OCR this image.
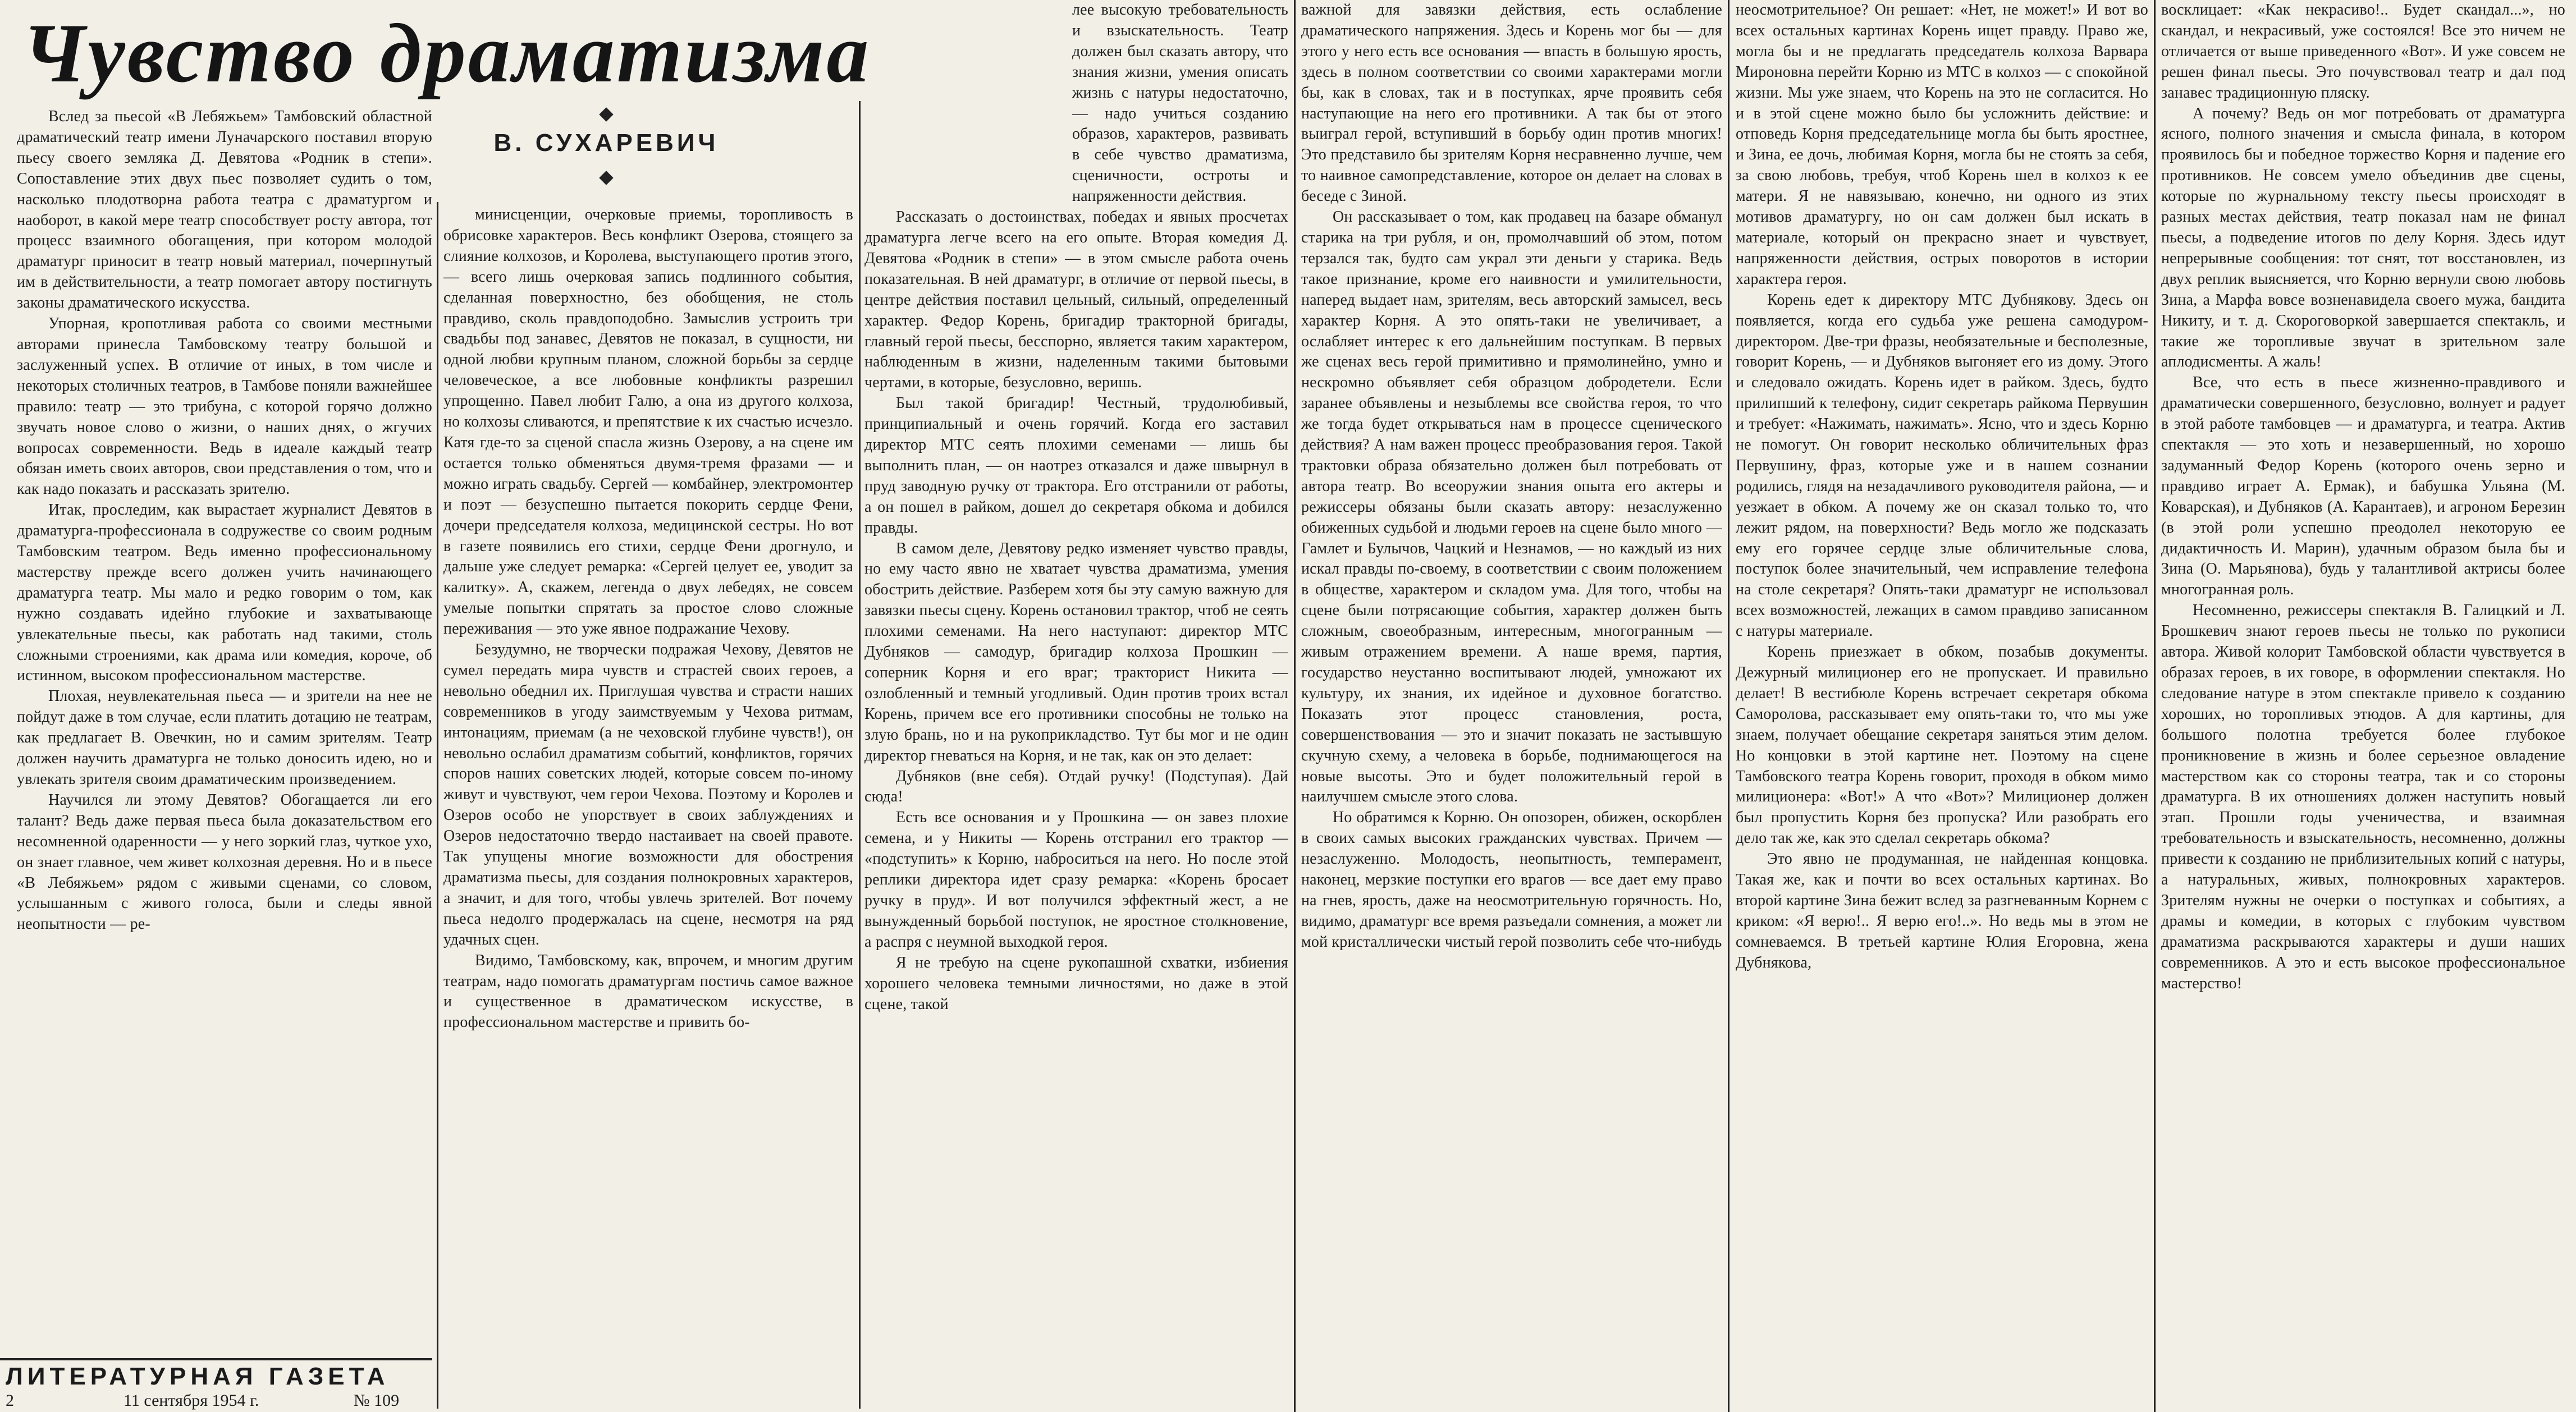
Чувство драматизма
В. СУХАРЕВИЧ

Вслед за пьесой «В Лебяжьем» Тамбовский областной драматический театр имени Луначарского поставил вторую пьесу своего земляка Д. Девятова «Родник в степи». Сопоставление этих двух пьес позволяет судить о том, насколько плодотворна работа театра с драматургом и наоборот, в какой мере театр способствует росту автора, тот процесс взаимного обогащения, при котором молодой драматург приносит в театр новый материал, почерпнутый им в действительности, а театр помогает автору постигнуть законы драматического искусства.

Упорная, кропотливая работа со своими местными авторами принесла Тамбовскому театру большой и заслуженный успех. В отличие от иных, в том числе и некоторых столичных театров, в Тамбове поняли важнейшее правило: театр — это трибуна, с которой горячо должно звучать новое слово о жизни, о наших днях, о жгучих вопросах современности. Ведь в идеале каждый театр обязан иметь своих авторов, свои представления о том, что и как надо показать и рассказать зрителю.

Итак, проследим, как вырастает журналист Девятов в драматурга-профессионала в содружестве со своим родным Тамбовским театром. Ведь именно профессиональному мастерству прежде всего должен учить начинающего драматурга театр. Мы мало и редко говорим о том, как нужно создавать идейно глубокие и захватывающе увлекательные пьесы, как работать над такими, столь сложными строениями, как драма или комедия, короче, об истинном, высоком профессиональном мастерстве.

Плохая, неувлекательная пьеса — и зрители на нее не пойдут даже в том случае, если платить дотацию не театрам, как предлагает В. Овечкин, но и самим зрителям. Театр должен научить драматурга не только доносить идею, но и увлекать зрителя своим драматическим произведением.

Научился ли этому Девятов? Обогащается ли его талант? Ведь даже первая пьеса была доказательством его несомненной одаренности — у него зоркий глаз, чуткое ухо, он знает главное, чем живет колхозная деревня. Но и в пьесе «В Лебяжьем» рядом с живыми сценами, со словом, услышанным с живого голоса, были и следы явной неопытности — ре-

минисценции, очерковые приемы, торопливость в обрисовке характеров. Весь конфликт Озерова, стоящего за слияние колхозов, и Королева, выступающего против этого, — всего лишь очерковая запись подлинного события, сделанная поверхностно, без обобщения, не столь правдиво, сколь правдоподобно. Замыслив устроить три свадьбы под занавес, Девятов не показал, в сущности, ни одной любви крупным планом, сложной борьбы за сердце человеческое, а все любовные конфликты разрешил упрощенно. Павел любит Галю, а она из другого колхоза, но колхозы сливаются, и препятствие к их счастью исчезло. Катя где-то за сценой спасла жизнь Озерову, а на сцене им остается только обменяться двумя-тремя фразами — и можно играть свадьбу. Сергей — комбайнер, электромонтер и поэт — безуспешно пытается покорить сердце Фени, дочери председателя колхоза, медицинской сестры. Но вот в газете появились его стихи, сердце Фени дрогнуло, и дальше уже следует ремарка: «Сергей целует ее, уводит за калитку». А, скажем, легенда о двух лебедях, не совсем умелые попытки спрятать за простое слово сложные переживания — это уже явное подражание Чехову.

Безудумно, не творчески подражая Чехову, Девятов не сумел передать мира чувств и страстей своих героев, а невольно обеднил их. Приглушая чувства и страсти наших современников в угоду заимствуемым у Чехова ритмам, интонациям, приемам (а не чеховской глубине чувств!), он невольно ослабил драматизм событий, конфликтов, горячих споров наших советских людей, которые совсем по-иному живут и чувствуют, чем герои Чехова. Поэтому и Королев и Озеров особо не упорствует в своих заблуждениях и Озеров недостаточно твердо настаивает на своей правоте. Так упущены многие возможности для обострения драматизма пьесы, для создания полнокровных характеров, а значит, и для того, чтобы увлечь зрителей. Вот почему пьеса недолго продержалась на сцене, несмотря на ряд удачных сцен.

Видимо, Тамбовскому, как, впрочем, и многим другим театрам, надо помогать драматургам постичь самое важное и существенное в драматическом искусстве, в профессиональном мастерстве и привить бо-

лее высокую требовательность и взыскательность. Театр должен был сказать автору, что знания жизни, умения описать жизнь с натуры недостаточно, — надо учиться созданию образов, характеров, развивать в себе чувство драматизма, сценичности, остроты и напряженности действия.

Рассказать о достоинствах, победах и явных просчетах драматурга легче всего на его опыте. Вторая комедия Д. Девятова «Родник в степи» — в этом смысле работа очень показательная. В ней драматург, в отличие от первой пьесы, в центре действия поставил цельный, сильный, определенный характер. Федор Корень, бригадир тракторной бригады, главный герой пьесы, бесспорно, является таким характером, наблюденным в жизни, наделенным такими бытовыми чертами, в которые, безусловно, веришь.

Был такой бригадир! Честный, трудолюбивый, принципиальный и очень горячий. Когда его заставил директор МТС сеять плохими семенами — лишь бы выполнить план, — он наотрез отказался и даже швырнул в пруд заводную ручку от трактора. Его отстранили от работы, а он пошел в райком, дошел до секретаря обкома и добился правды.

В самом деле, Девятову редко изменяет чувство правды, но ему часто явно не хватает чувства драматизма, умения обострить действие. Разберем хотя бы эту самую важную для завязки пьесы сцену. Корень остановил трактор, чтоб не сеять плохими семенами. На него наступают: директор МТС Дубняков — самодур, бригадир колхоза Прошкин — соперник Корня и его враг; тракторист Никита — озлобленный и темный угодливый. Один против троих встал Корень, причем все его противники способны не только на злую брань, но и на рукоприкладство. Тут бы мог и не один директор гневаться на Корня, и не так, как он это делает:

Дубняков (вне себя). Отдай ручку! (Подступая). Дай сюда!

Есть все основания и у Прошкина — он завез плохие семена, и у Никиты — Корень отстранил его трактор — «подступить» к Корню, наброситься на него. Но после этой реплики директора идет сразу ремарка: «Корень бросает ручку в пруд». И вот получился эффектный жест, а не вынужденный борьбой поступок, не яростное столкновение, а распря с неумной выходкой героя.

Я не требую на сцене рукопашной схватки, избиения хорошего человека темными личностями, но даже в этой сцене, такой

важной для завязки действия, есть ослабление драматического напряжения. Здесь и Корень мог бы — для этого у него есть все основания — впасть в большую ярость, здесь в полном соответствии со своими характерами могли бы, как в словах, так и в поступках, ярче проявить себя наступающие на него его противники. А так бы от этого выиграл герой, вступивший в борьбу один против многих! Это представило бы зрителям Корня несравненно лучше, чем то наивное самопредставление, которое он делает на словах в беседе с Зиной.

Он рассказывает о том, как продавец на базаре обманул старика на три рубля, и он, промолчавший об этом, потом терзался так, будто сам украл эти деньги у старика. Ведь такое признание, кроме его наивности и умилительности, наперед выдает нам, зрителям, весь авторский замысел, весь характер Корня. А это опять-таки не увеличивает, а ослабляет интерес к его дальнейшим поступкам. В первых же сценах весь герой примитивно и прямолинейно, умно и нескромно объявляет себя образцом добродетели. Если заранее объявлены и незыблемы все свойства героя, то что же тогда будет открываться нам в процессе сценического действия? А нам важен процесс преобразования героя. Такой трактовки образа обязательно должен был потребовать от автора театр. Во всеоружии знания опыта его актеры и режиссеры обязаны были сказать автору: незаслуженно обиженных судьбой и людьми героев на сцене было много — Гамлет и Булычов, Чацкий и Незнамов, — но каждый из них искал правды по-своему, в соответствии с своим положением в обществе, характером и складом ума. Для того, чтобы на сцене были потрясающие события, характер должен быть сложным, своеобразным, интересным, многогранным — живым отражением времени. А наше время, партия, государство неустанно воспитывают людей, умножают их культуру, их знания, их идейное и духовное богатство. Показать этот процесс становления, роста, совершенствования — это и значит показать не застывшую скучную схему, а человека в борьбе, поднимающегося на новые высоты. Это и будет положительный герой в наилучшем смысле этого слова.

Но обратимся к Корню. Он опозорен, обижен, оскорблен в своих самых высоких гражданских чувствах. Причем — незаслуженно. Молодость, неопытность, темперамент, наконец, мерзкие поступки его врагов — все дает ему право на гнев, ярость, даже на неосмотрительную горячность. Но, видимо, драматург все время разъедали сомнения, а может ли мой кристаллически чистый герой позволить себе что-нибудь

неосмотрительное? Он решает: «Нет, не может!» И вот во всех остальных картинах Корень ищет правду. Право же, могла бы и не предлагать председатель колхоза Варвара Мироновна перейти Корню из МТС в колхоз — с спокойной жизни. Мы уже знаем, что Корень на это не согласится. Но и в этой сцене можно было бы усложнить действие: и отповедь Корня председательнице могла бы быть яростнее, и Зина, ее дочь, любимая Корня, могла бы не стоять за себя, за свою любовь, требуя, чтоб Корень шел в колхоз к ее матери. Я не навязываю, конечно, ни одного из этих мотивов драматургу, но он сам должен был искать в материале, который он прекрасно знает и чувствует, напряженности действия, острых поворотов в истории характера героя.

Корень едет к директору МТС Дубнякову. Здесь он появляется, когда его судьба уже решена самодуром-директором. Две-три фразы, необязательные и бесполезные, говорит Корень, — и Дубняков выгоняет его из дому. Этого и следовало ожидать. Корень идет в райком. Здесь, будто прилипший к телефону, сидит секретарь райкома Первушин и требует: «Нажимать, нажимать». Ясно, что и здесь Корню не помогут. Он говорит несколько обличительных фраз Первушину, фраз, которые уже и в нашем сознании родились, глядя на незадачливого руководителя района, — и уезжает в обком. А почему же он сказал только то, что лежит рядом, на поверхности? Ведь могло же подсказать ему его горячее сердце злые обличительные слова, поступок более значительный, чем исправление телефона на столе секретаря? Опять-таки драматург не использовал всех возможностей, лежащих в самом правдиво записанном с натуры материале.

Корень приезжает в обком, позабыв документы. Дежурный милиционер его не пропускает. И правильно делает! В вестибюле Корень встречает секретаря обкома Саморолова, рассказывает ему опять-таки то, что мы уже знаем, получает обещание секретаря заняться этим делом. Но концовки в этой картине нет. Поэтому на сцене Тамбовского театра Корень говорит, проходя в обком мимо милиционера: «Вот!» А что «Вот»? Милиционер должен был пропустить Корня без пропуска? Или разобрать его дело так же, как это сделал секретарь обкома?

Это явно не продуманная, не найденная концовка. Такая же, как и почти во всех остальных картинах. Во второй картине Зина бежит вслед за разгневанным Корнем с криком: «Я верю!.. Я верю его!..». Но ведь мы в этом не сомневаемся. В третьей картине Юлия Егоровна, жена Дубнякова,

восклицает: «Как некрасиво!.. Будет скандал...», но скандал, и некрасивый, уже состоялся! Все это ничем не отличается от выше приведенного «Вот». И уже совсем не решен финал пьесы. Это почувствовал театр и дал под занавес традиционную пляску.

А почему? Ведь он мог потребовать от драматурга ясного, полного значения и смысла финала, в котором проявилось бы и победное торжество Корня и падение его противников. Не совсем умело объединив две сцены, которые по журнальному тексту пьесы происходят в разных местах действия, театр показал нам не финал пьесы, а подведение итогов по делу Корня. Здесь идут непрерывные сообщения: тот снят, тот восстановлен, из двух реплик выясняется, что Корню вернули свою любовь Зина, а Марфа вовсе возненавидела своего мужа, бандита Никиту, и т. д. Скороговоркой завершается спектакль, и такие же торопливые звучат в зрительном зале аплодисменты. А жаль!

Все, что есть в пьесе жизненно-правдивого и драматически совершенного, безусловно, волнует и радует в этой работе тамбовцев — и драматурга, и театра. Актив спектакля — это хоть и незавершенный, но хорошо задуманный Федор Корень (которого очень зерно и правдиво играет А. Ермак), и бабушка Ульяна (М. Коварская), и Дубняков (А. Карантаев), и агроном Березин (в этой роли успешно преодолел некоторую ее дидактичность И. Марин), удачным образом была бы и Зина (О. Марьянова), будь у талантливой актрисы более многогранная роль.

Несомненно, режиссеры спектакля В. Галицкий и Л. Брошкевич знают героев пьесы не только по рукописи автора. Живой колорит Тамбовской области чувствуется в образах героев, в их говоре, в оформлении спектакля. Но следование натуре в этом спектакле привело к созданию хороших, но торопливых этюдов. А для картины, для большого полотна требуется более глубокое проникновение в жизнь и более серьезное овладение мастерством как со стороны театра, так и со стороны драматурга. В их отношениях должен наступить новый этап. Прошли годы ученичества, и взаимная требовательность и взыскательность, несомненно, должны привести к созданию не приблизительных копий с натуры, а натуральных, живых, полнокровных характеров. Зрителям нужны не очерки о поступках и событиях, а драмы и комедии, в которых с глубоким чувством драматизма раскрываются характеры и души наших современников. А это и есть высокое профессиональное мастерство!

ЛИТЕРАТУРНАЯ ГАЗЕТА
2	11 сентября 1954 г.	№ 109
